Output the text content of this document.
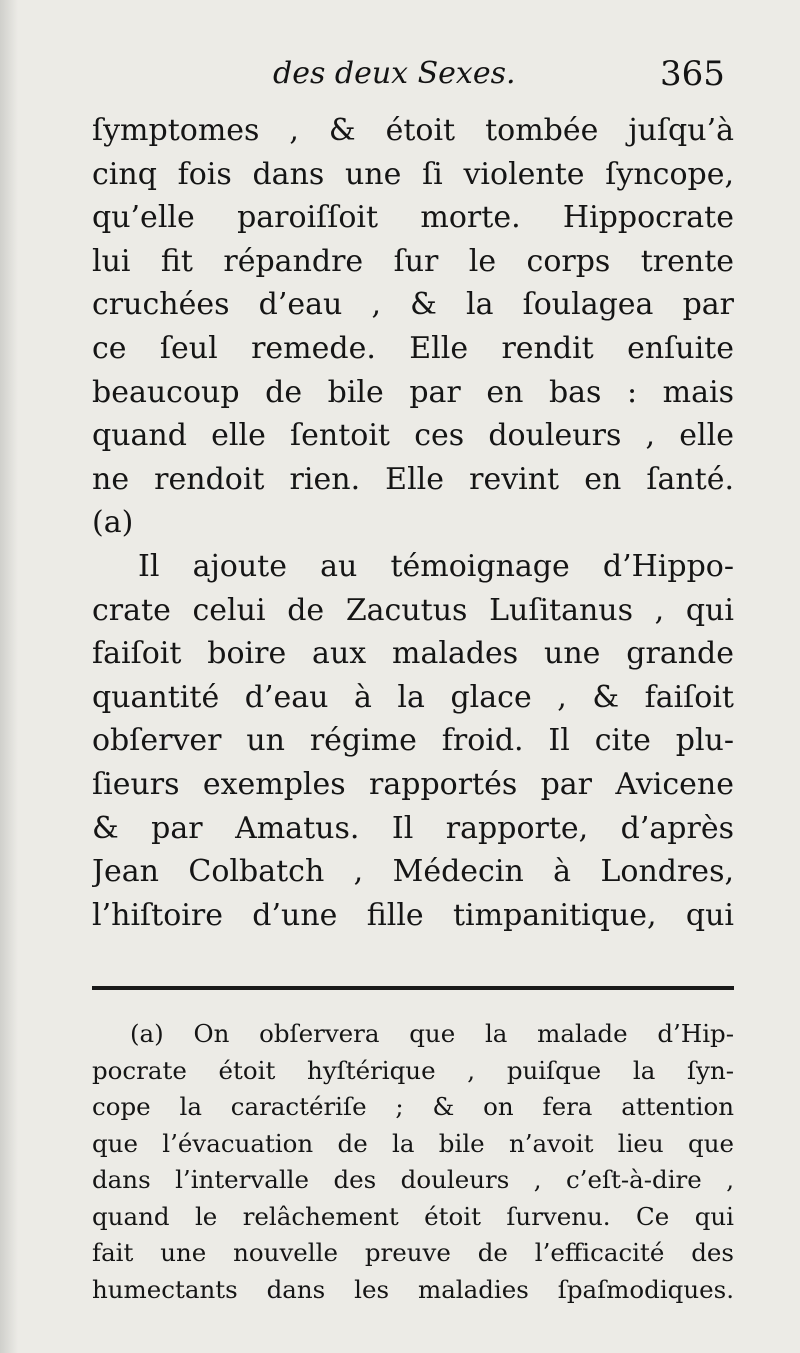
des deux Sexes.	365
ſymptomes , & étoit tombée juſqu’à
cinq fois dans une ſi violente ſyncope,
qu’elle paroiſſoit morte. Hippocrate
lui fit répandre ſur le corps trente
cruchées d’eau , & la ſoulagea par
ce ſeul remede. Elle rendit enſuite
beaucoup de bile par en bas : mais
quand elle ſentoit ces douleurs , elle
ne rendoit rien. Elle revint en ſanté.
(a)
Il ajoute au témoignage d’Hippo-
crate celui de Zacutus Luſitanus , qui
faiſoit boire aux malades une grande
quantité d’eau à la glace , & faiſoit
obſerver un régime froid. Il cite plu-
ſieurs exemples rapportés par Avicene
& par Amatus. Il rapporte, d’après
Jean Colbatch , Médecin à Londres,
l’hiſtoire d’une fille timpanitique, qui
(a) On obſervera que la malade d’Hip-
pocrate étoit hyſtérique , puiſque la ſyn-
cope la caractériſe ; & on fera attention
que l’évacuation de la bile n’avoit lieu que
dans l’intervalle des douleurs , c’eſt-à-dire ,
quand le relâchement étoit ſurvenu. Ce qui
fait une nouvelle preuve de l’efficacité des
humectants dans les maladies ſpaſmodiques.
